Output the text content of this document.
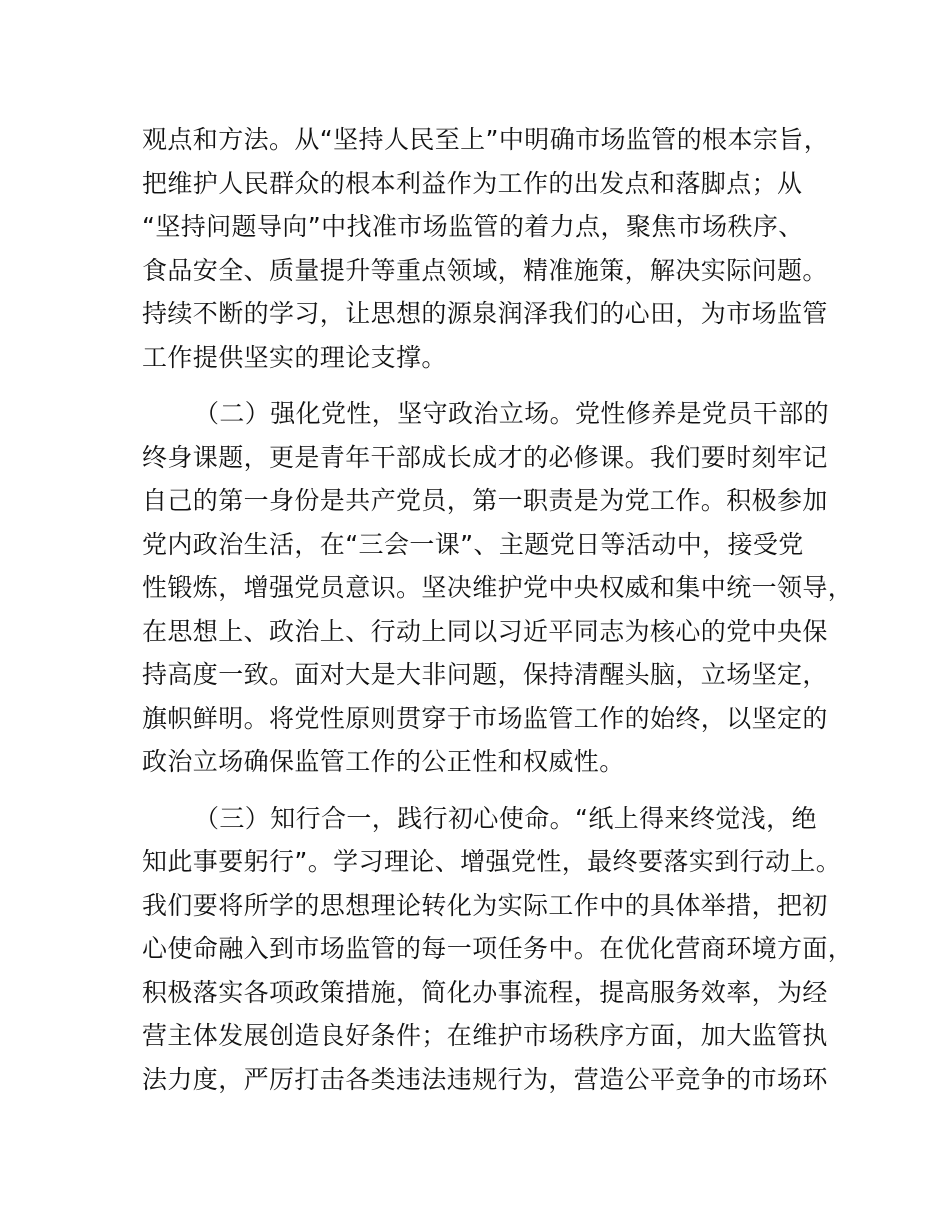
观点和方法。从“坚持人民至上”中明确市场监管的根本宗旨，
把维护人民群众的根本利益作为工作的出发点和落脚点；从
“坚持问题导向”中找准市场监管的着力点，聚焦市场秩序、
食品安全、质量提升等重点领域，精准施策，解决实际问题。
持续不断的学习，让思想的源泉润泽我们的心田，为市场监管
工作提供坚实的理论支撑。
（二）强化党性，坚守政治立场。党性修养是党员干部的
终身课题，更是青年干部成长成才的必修课。我们要时刻牢记
自己的第一身份是共产党员，第一职责是为党工作。积极参加
党内政治生活，在“三会一课”、主题党日等活动中，接受党
性锻炼，增强党员意识。坚决维护党中央权威和集中统一领导，
在思想上、政治上、行动上同以习近平同志为核心的党中央保
持高度一致。面对大是大非问题，保持清醒头脑，立场坚定，
旗帜鲜明。将党性原则贯穿于市场监管工作的始终，以坚定的
政治立场确保监管工作的公正性和权威性。
（三）知行合一，践行初心使命。“纸上得来终觉浅，绝
知此事要躬行”。学习理论、增强党性，最终要落实到行动上。
我们要将所学的思想理论转化为实际工作中的具体举措，把初
心使命融入到市场监管的每一项任务中。在优化营商环境方面，
积极落实各项政策措施，简化办事流程，提高服务效率，为经
营主体发展创造良好条件；在维护市场秩序方面，加大监管执
法力度，严厉打击各类违法违规行为，营造公平竞争的市场环
